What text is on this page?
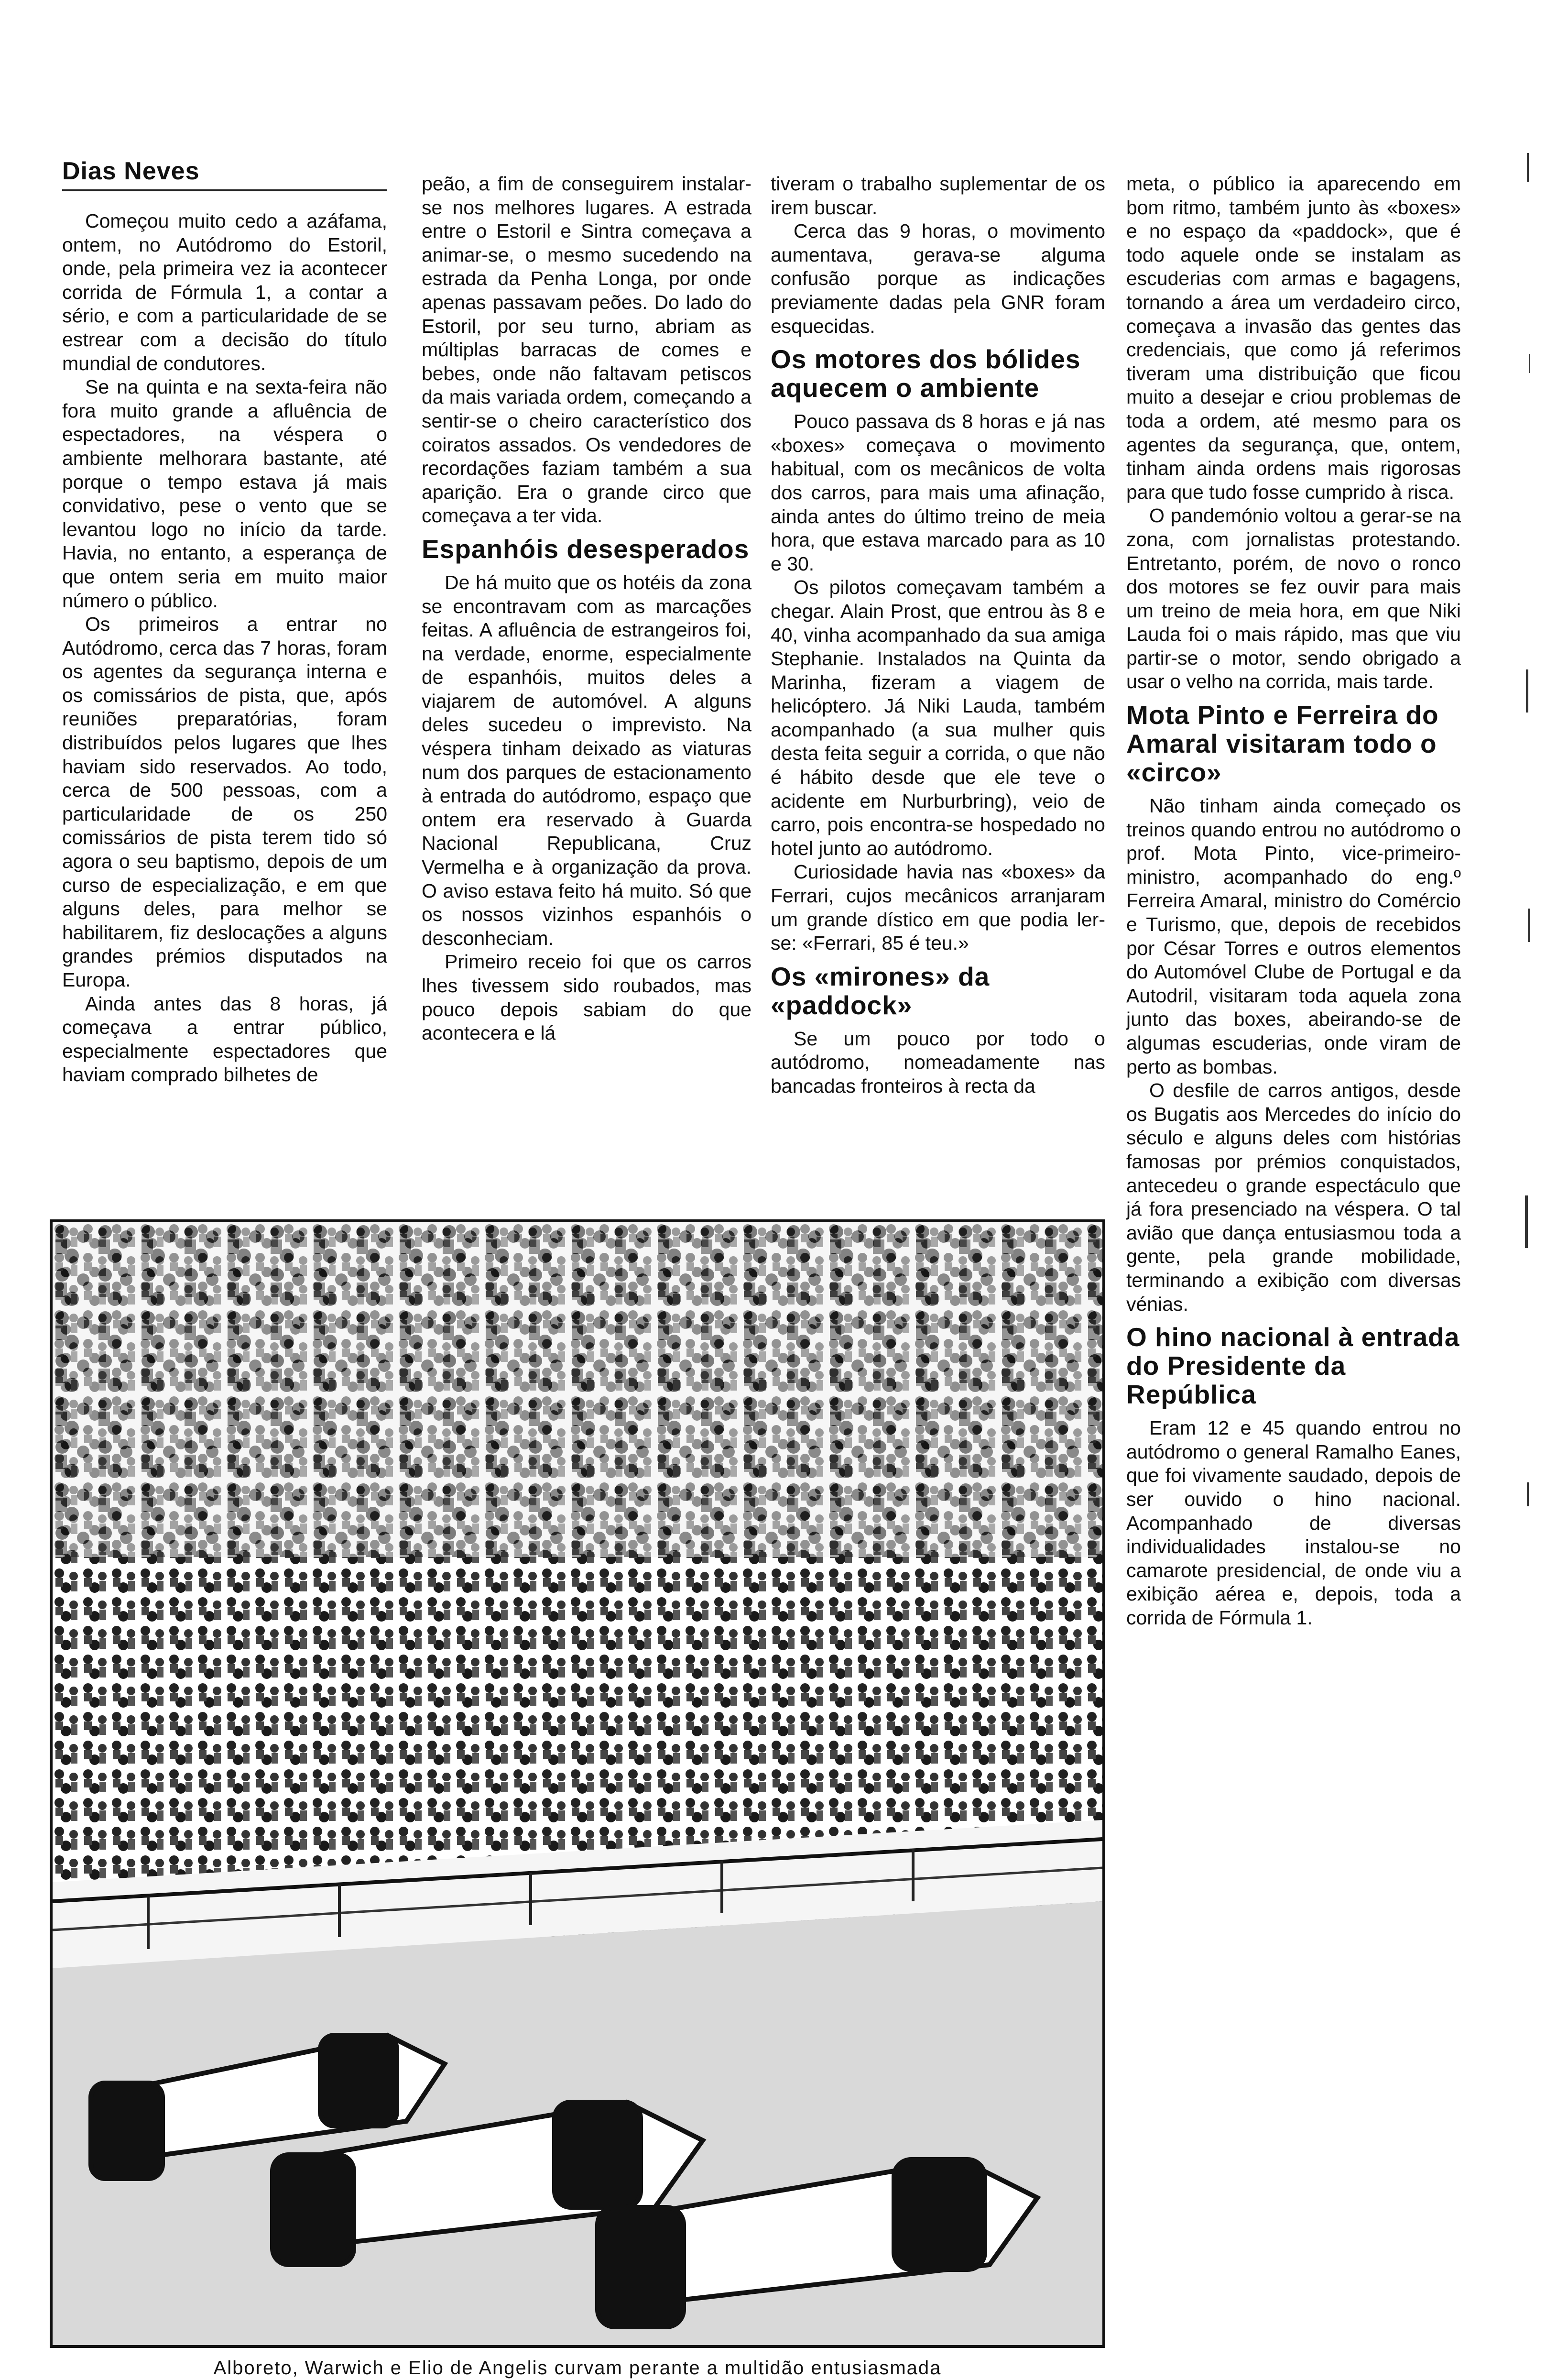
Dias Neves

Começou muito cedo a azáfama, ontem, no Autódromo do Estoril, onde, pela primeira vez ia acontecer corrida de Fórmula 1, a contar a sério, e com a particularidade de se estrear com a decisão do título mundial de condutores.

Se na quinta e na sexta-feira não fora muito grande a afluência de espectadores, na véspera o ambiente melhorara bastante, até porque o tempo estava já mais convidativo, pese o vento que se levantou logo no início da tarde. Havia, no entanto, a esperança de que ontem seria em muito maior número o público.

Os primeiros a entrar no Autódromo, cerca das 7 horas, foram os agentes da segurança interna e os comissários de pista, que, após reuniões preparatórias, foram distribuídos pelos lugares que lhes haviam sido reservados. Ao todo, cerca de 500 pessoas, com a particularidade de os 250 comissários de pista terem tido só agora o seu baptismo, depois de um curso de especialização, e em que alguns deles, para melhor se habilitarem, fiz deslocações a alguns grandes prémios disputados na Europa.

Ainda antes das 8 horas, já começava a entrar público, especialmente espectadores que haviam comprado bilhetes de

peão, a fim de conseguirem instalar-se nos melhores lugares. A estrada entre o Estoril e Sintra começava a animar-se, o mesmo sucedendo na estrada da Penha Longa, por onde apenas passavam peões. Do lado do Estoril, por seu turno, abriam as múltiplas barracas de comes e bebes, onde não faltavam petiscos da mais variada ordem, começando a sentir-se o cheiro característico dos coiratos assados. Os vendedores de recordações faziam também a sua aparição. Era o grande circo que começava a ter vida.

Espanhóis desesperados

De há muito que os hotéis da zona se encontravam com as marcações feitas. A afluência de estrangeiros foi, na verdade, enorme, especialmente de espanhóis, muitos deles a viajarem de automóvel. A alguns deles sucedeu o imprevisto. Na véspera tinham deixado as viaturas num dos parques de estacionamento à entrada do autódromo, espaço que ontem era reservado à Guarda Nacional Republicana, Cruz Vermelha e à organização da prova. O aviso estava feito há muito. Só que os nossos vizinhos espanhóis o desconheciam.

Primeiro receio foi que os carros lhes tivessem sido roubados, mas pouco depois sabiam do que acontecera e lá

tiveram o trabalho suplementar de os irem buscar.

Cerca das 9 horas, o movimento aumentava, gerava-se alguma confusão porque as indicações previamente dadas pela GNR foram esquecidas.

Os motores dos bólides aquecem o ambiente

Pouco passava ds 8 horas e já nas «boxes» começava o movimento habitual, com os mecânicos de volta dos carros, para mais uma afinação, ainda antes do último treino de meia hora, que estava marcado para as 10 e 30.

Os pilotos começavam também a chegar. Alain Prost, que entrou às 8 e 40, vinha acompanhado da sua amiga Stephanie. Instalados na Quinta da Marinha, fizeram a viagem de helicóptero. Já Niki Lauda, também acompanhado (a sua mulher quis desta feita seguir a corrida, o que não é hábito desde que ele teve o acidente em Nurburbring), veio de carro, pois encontra-se hospedado no hotel junto ao autódromo.

Curiosidade havia nas «boxes» da Ferrari, cujos mecânicos arranjaram um grande dístico em que podia ler-se: «Ferrari, 85 é teu.»

Os «mirones» da «paddock»

Se um pouco por todo o autódromo, nomeadamente nas bancadas fronteiros à recta da

meta, o público ia aparecendo em bom ritmo, também junto às «boxes» e no espaço da «paddock», que é todo aquele onde se instalam as escuderias com armas e bagagens, tornando a área um verdadeiro circo, começava a invasão das gentes das credenciais, que como já referimos tiveram uma distribuição que ficou muito a desejar e criou problemas de toda a ordem, até mesmo para os agentes da segurança, que, ontem, tinham ainda ordens mais rigorosas para que tudo fosse cumprido à risca.

O pandemónio voltou a gerar-se na zona, com jornalistas protestando. Entretanto, porém, de novo o ronco dos motores se fez ouvir para mais um treino de meia hora, em que Niki Lauda foi o mais rápido, mas que viu partir-se o motor, sendo obrigado a usar o velho na corrida, mais tarde.

Mota Pinto e Ferreira do Amaral visitaram todo o «circo»

Não tinham ainda começado os treinos quando entrou no autódromo o prof. Mota Pinto, vice-primeiro-ministro, acompanhado do eng.º Ferreira Amaral, ministro do Comércio e Turismo, que, depois de recebidos por César Torres e outros elementos do Automóvel Clube de Portugal e da Autodril, visitaram toda aquela zona junto das boxes, abeirando-se de algumas escuderias, onde viram de perto as bombas.

O desfile de carros antigos, desde os Bugatis aos Mercedes do início do século e alguns deles com histórias famosas por prémios conquistados, antecedeu o grande espectáculo que já fora presenciado na véspera. O tal avião que dança entusiasmou toda a gente, pela grande mobilidade, terminando a exibição com diversas vénias.

O hino nacional à entrada do Presidente da República

Eram 12 e 45 quando entrou no autódromo o general Ramalho Eanes, que foi vivamente saudado, depois de ser ouvido o hino nacional. Acompanhado de diversas individualidades instalou-se no camarote presidencial, de onde viu a exibição aérea e, depois, toda a corrida de Fórmula 1.

Alboreto, Warwich e Elio de Angelis curvam perante a multidão entusiasmada
